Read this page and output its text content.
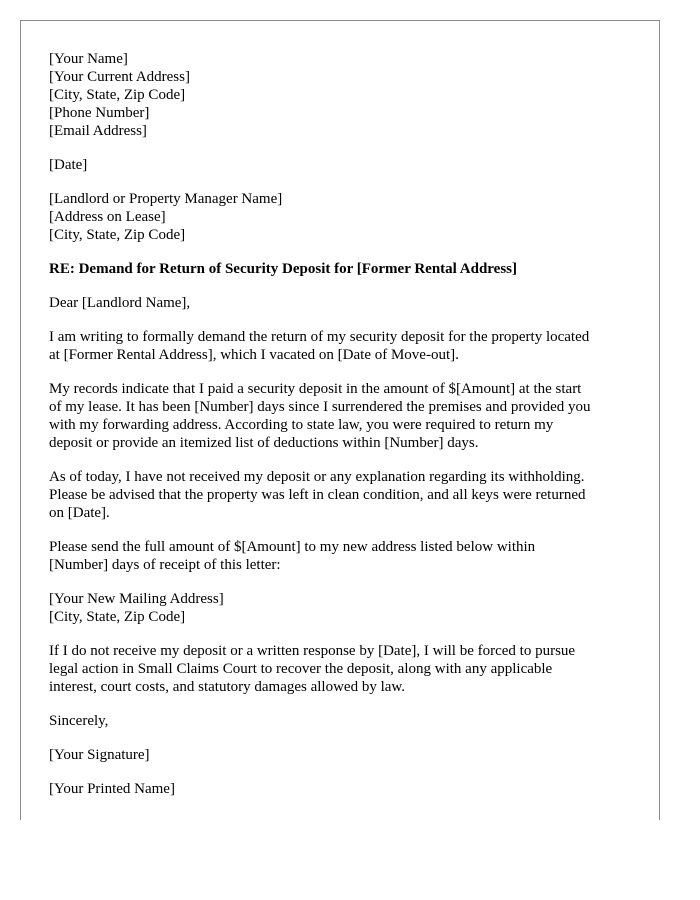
[Your Name]
[Your Current Address]
[City, State, Zip Code]
[Phone Number]
[Email Address]
[Date]
[Landlord or Property Manager Name]
[Address on Lease]
[City, State, Zip Code]
RE: Demand for Return of Security Deposit for [Former Rental Address]
Dear [Landlord Name],
I am writing to formally demand the return of my security deposit for the property located
at [Former Rental Address], which I vacated on [Date of Move-out].
My records indicate that I paid a security deposit in the amount of $[Amount] at the start
of my lease. It has been [Number] days since I surrendered the premises and provided you
with my forwarding address. According to state law, you were required to return my
deposit or provide an itemized list of deductions within [Number] days.
As of today, I have not received my deposit or any explanation regarding its withholding.
Please be advised that the property was left in clean condition, and all keys were returned
on [Date].
Please send the full amount of $[Amount] to my new address listed below within
[Number] days of receipt of this letter:
[Your New Mailing Address]
[City, State, Zip Code]
If I do not receive my deposit or a written response by [Date], I will be forced to pursue
legal action in Small Claims Court to recover the deposit, along with any applicable
interest, court costs, and statutory damages allowed by law.
Sincerely,
[Your Signature]
[Your Printed Name]
